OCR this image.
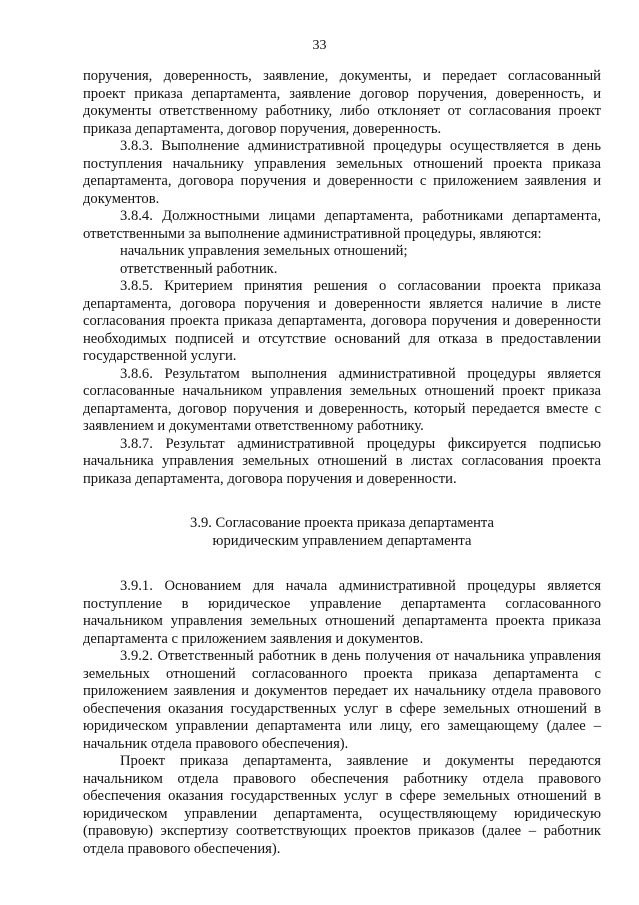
33

поручения, доверенность, заявление, документы, и передает согласованный проект приказа департамента, заявление договор поручения, доверенность, и документы ответственному работнику, либо отклоняет от согласования проект приказа департамента, договор поручения, доверенность.

3.8.3. Выполнение административной процедуры осуществляется в день поступления начальнику управления земельных отношений проекта приказа департамента, договора поручения и доверенности с приложением заявления и документов.

3.8.4. Должностными лицами департамента, работниками департамента, ответственными за выполнение административной процедуры, являются:

начальник управления земельных отношений;

ответственный работник.

3.8.5. Критерием принятия решения о согласовании проекта приказа департамента, договора поручения и доверенности является наличие в листе согласования проекта приказа департамента, договора поручения и доверенности необходимых подписей и отсутствие оснований для отказа в предоставлении государственной услуги.

3.8.6. Результатом выполнения административной процедуры является согласованные начальником управления земельных отношений проект приказа департамента, договор поручения и доверенность, который передается вместе с заявлением и документами ответственному работнику.

3.8.7. Результат административной процедуры фиксируется подписью начальника управления земельных отношений в листах согласования проекта приказа департамента, договора поручения и доверенности.

3.9. Согласование проекта приказа департамента
юридическим управлением департамента

3.9.1. Основанием для начала административной процедуры является поступление в юридическое управление департамента согласованного начальником управления земельных отношений департамента проекта приказа департамента с приложением заявления и документов.

3.9.2. Ответственный работник в день получения от начальника управления земельных отношений согласованного проекта приказа департамента с приложением заявления и документов передает их начальнику отдела правового обеспечения оказания государственных услуг в сфере земельных отношений в юридическом управлении департамента или лицу, его замещающему (далее – начальник отдела правового обеспечения).

Проект приказа департамента, заявление и документы передаются начальником отдела правового обеспечения работнику отдела правового обеспечения оказания государственных услуг в сфере земельных отношений в юридическом управлении департамента, осуществляющему юридическую (правовую) экспертизу соответствующих проектов приказов (далее – работник отдела правового обеспечения).
